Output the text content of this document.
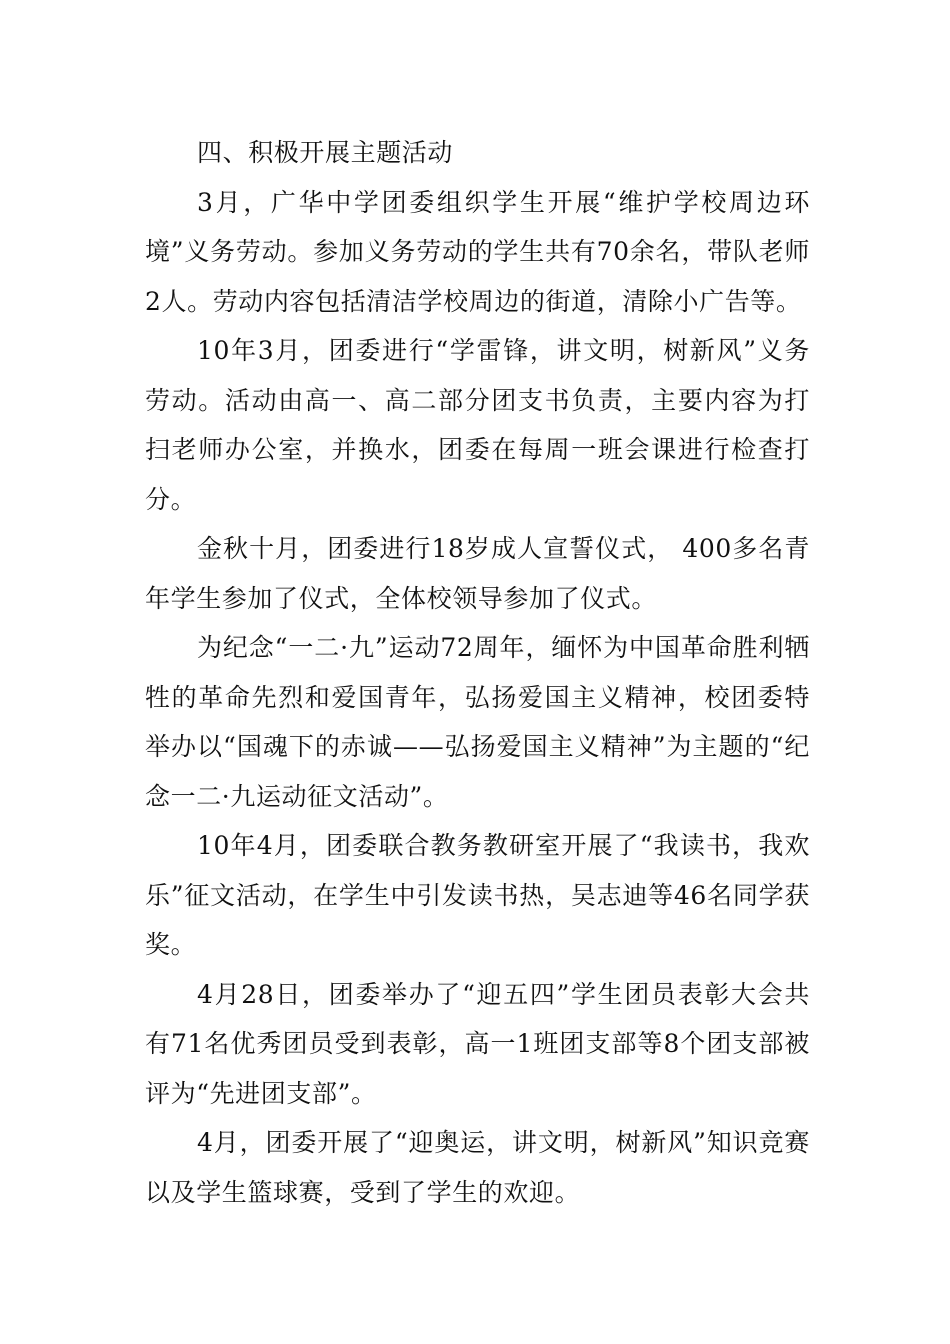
四、积极开展主题活动

3月，广华中学团委组织学生开展“维护学校周边环境”义务劳动。参加义务劳动的学生共有70余名，带队老师2人。劳动内容包括清洁学校周边的街道，清除小广告等。

10年3月，团委进行“学雷锋，讲文明，树新风”义务劳动。活动由高一、高二部分团支书负责，主要内容为打扫老师办公室，并换水，团委在每周一班会课进行检查打分。

金秋十月，团委进行18岁成人宣誓仪式， 400多名青年学生参加了仪式，全体校领导参加了仪式。

为纪念“一二·九”运动72周年，缅怀为中国革命胜利牺牲的革命先烈和爱国青年，弘扬爱国主义精神，校团委特举办以“国魂下的赤诚——弘扬爱国主义精神”为主题的“纪念一二·九运动征文活动”。

10年4月，团委联合教务教研室开展了“我读书，我欢乐”征文活动，在学生中引发读书热，吴志迪等46名同学获奖。

4月28日，团委举办了“迎五四”学生团员表彰大会共有71名优秀团员受到表彰，高一1班团支部等8个团支部被评为“先进团支部”。

4月，团委开展了“迎奥运，讲文明，树新风”知识竞赛以及学生篮球赛，受到了学生的欢迎。
